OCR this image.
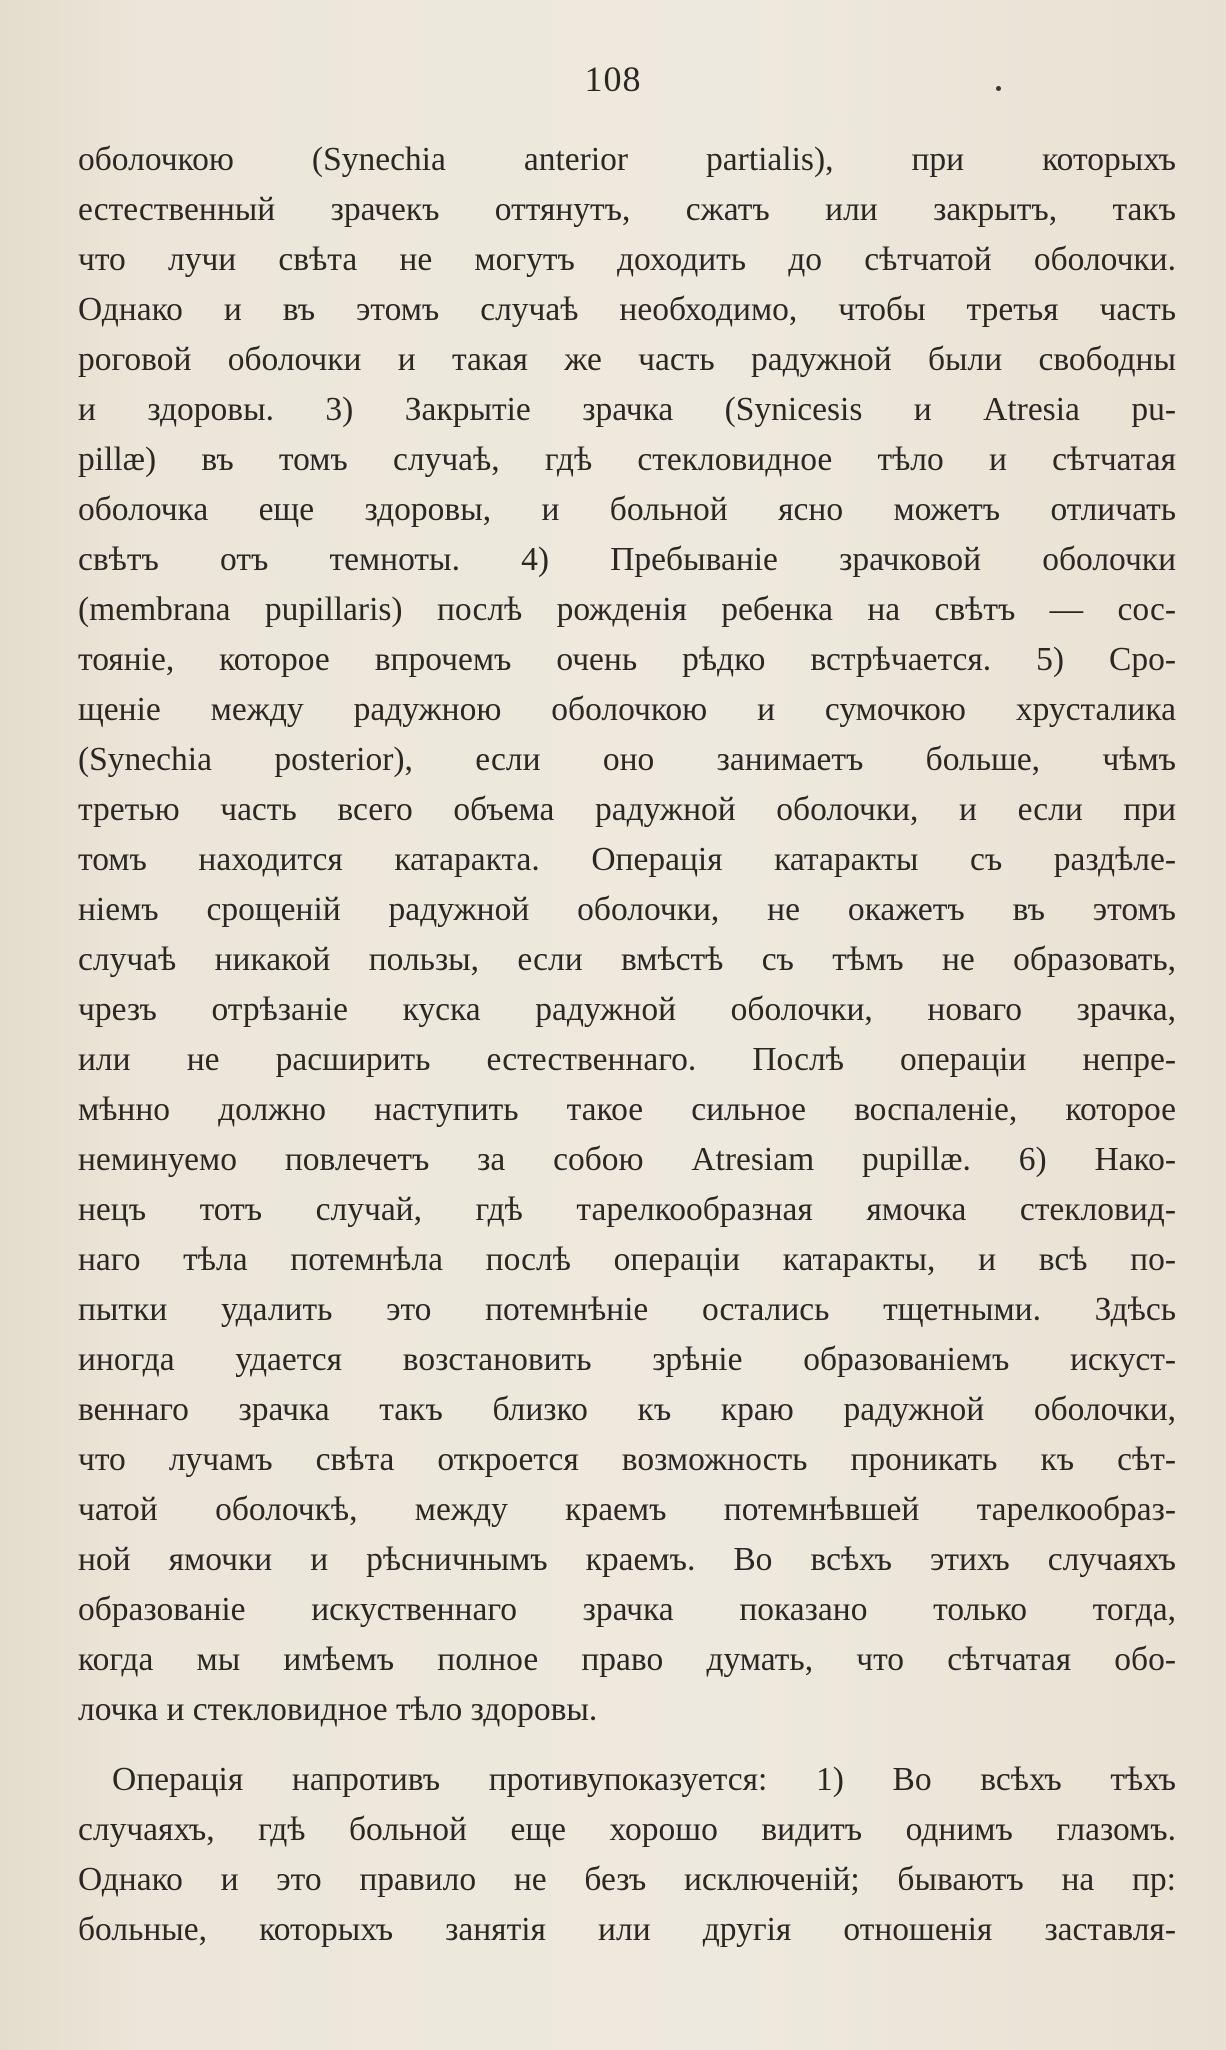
108
оболочкою (Synechia anterior partialis), при которыхъ
естественный зрачекъ оттянутъ, сжатъ или закрытъ, такъ
что лучи свѣта не могутъ доходить до сѣтчатой оболочки.
Однако и въ этомъ случаѣ необходимо, чтобы третья часть
роговой оболочки и такая же часть радужной были свободны
и здоровы. 3) Закрытіе зрачка (Synicesis и Atresia pu-
pillæ) въ томъ случаѣ, гдѣ стекловидное тѣло и сѣтчатая
оболочка еще здоровы, и больной ясно можетъ отличать
свѣтъ отъ темноты. 4) Пребываніе зрачковой оболочки
(membrana pupillaris) послѣ рожденія ребенка на свѣтъ — сос-
тояніе, которое впрочемъ очень рѣдко встрѣчается. 5) Сро-
щеніе между радужною оболочкою и сумочкою хрусталика
(Synechia posterior), если оно занимаетъ больше, чѣмъ
третью часть всего объема радужной оболочки, и если при
томъ находится катаракта. Операція катаракты съ раздѣле-
ніемъ срощеній радужной оболочки, не окажетъ въ этомъ
случаѣ никакой пользы, если вмѣстѣ съ тѣмъ не образовать,
чрезъ отрѣзаніе куска радужной оболочки, новаго зрачка,
или не расширить естественнаго. Послѣ операціи непре-
мѣнно должно наступить такое сильное воспаленіе, которое
неминуемо повлечетъ за собою Atresiam pupillæ. 6) Нако-
нецъ тотъ случай, гдѣ тарелкообразная ямочка стекловид-
наго тѣла потемнѣла послѣ операціи катаракты, и всѣ по-
пытки удалить это потемнѣніе остались тщетными. Здѣсь
иногда удается возстановить зрѣніе образованіемъ искуст-
веннаго зрачка такъ близко къ краю радужной оболочки,
что лучамъ свѣта откроется возможность проникать къ сѣт-
чатой оболочкѣ, между краемъ потемнѣвшей тарелкообраз-
ной ямочки и рѣсничнымъ краемъ. Во всѣхъ этихъ случаяхъ
образованіе искуственнаго зрачка показано только тогда,
когда мы имѣемъ полное право думать, что сѣтчатая обо-
лочка и стекловидное тѣло здоровы.
Операція напротивъ противупоказуется: 1) Во всѣхъ тѣхъ
случаяхъ, гдѣ больной еще хорошо видитъ однимъ глазомъ.
Однако и это правило не безъ исключеній; бываютъ на пр:
больные, которыхъ занятія или другія отношенія заставля-
